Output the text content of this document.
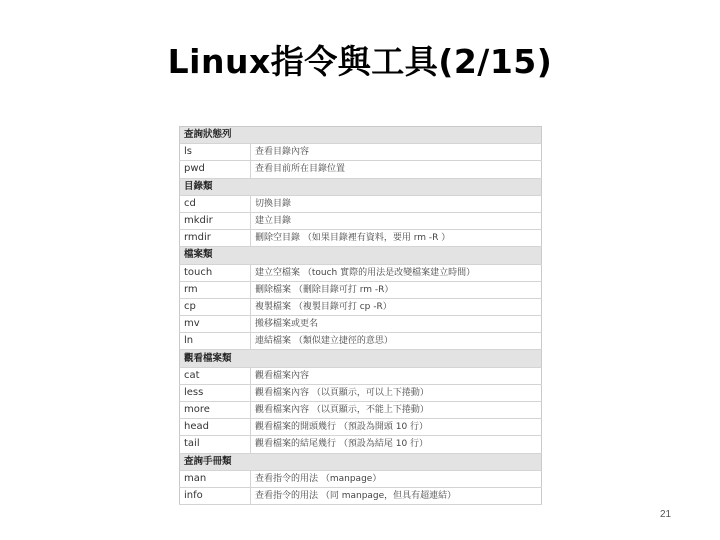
Linux指令與工具(2/15)
查詢狀態列	
ls	查看目錄內容
pwd	查看目前所在目錄位置
目錄類	
cd	切換目錄
mkdir	建立目錄
rmdir	刪除空目錄 （如果目錄裡有資料，要用 rm -R ）
檔案類	
touch	建立空檔案 （touch 實際的用法是改變檔案建立時間）
rm	刪除檔案 （刪除目錄可打 rm -R）
cp	複製檔案 （複製目錄可打 cp -R）
mv	搬移檔案或更名
ln	連結檔案 （類似建立捷徑的意思）
觀看檔案類	
cat	觀看檔案內容
less	觀看檔案內容 （以頁顯示，可以上下捲動）
more	觀看檔案內容 （以頁顯示，不能上下捲動）
head	觀看檔案的開頭幾行 （預設為開頭 10 行）
tail	觀看檔案的結尾幾行 （預設為結尾 10 行）
查詢手冊類	
man	查看指令的用法 （manpage）
info	查看指令的用法 （同 manpage，但具有超連結）
21
